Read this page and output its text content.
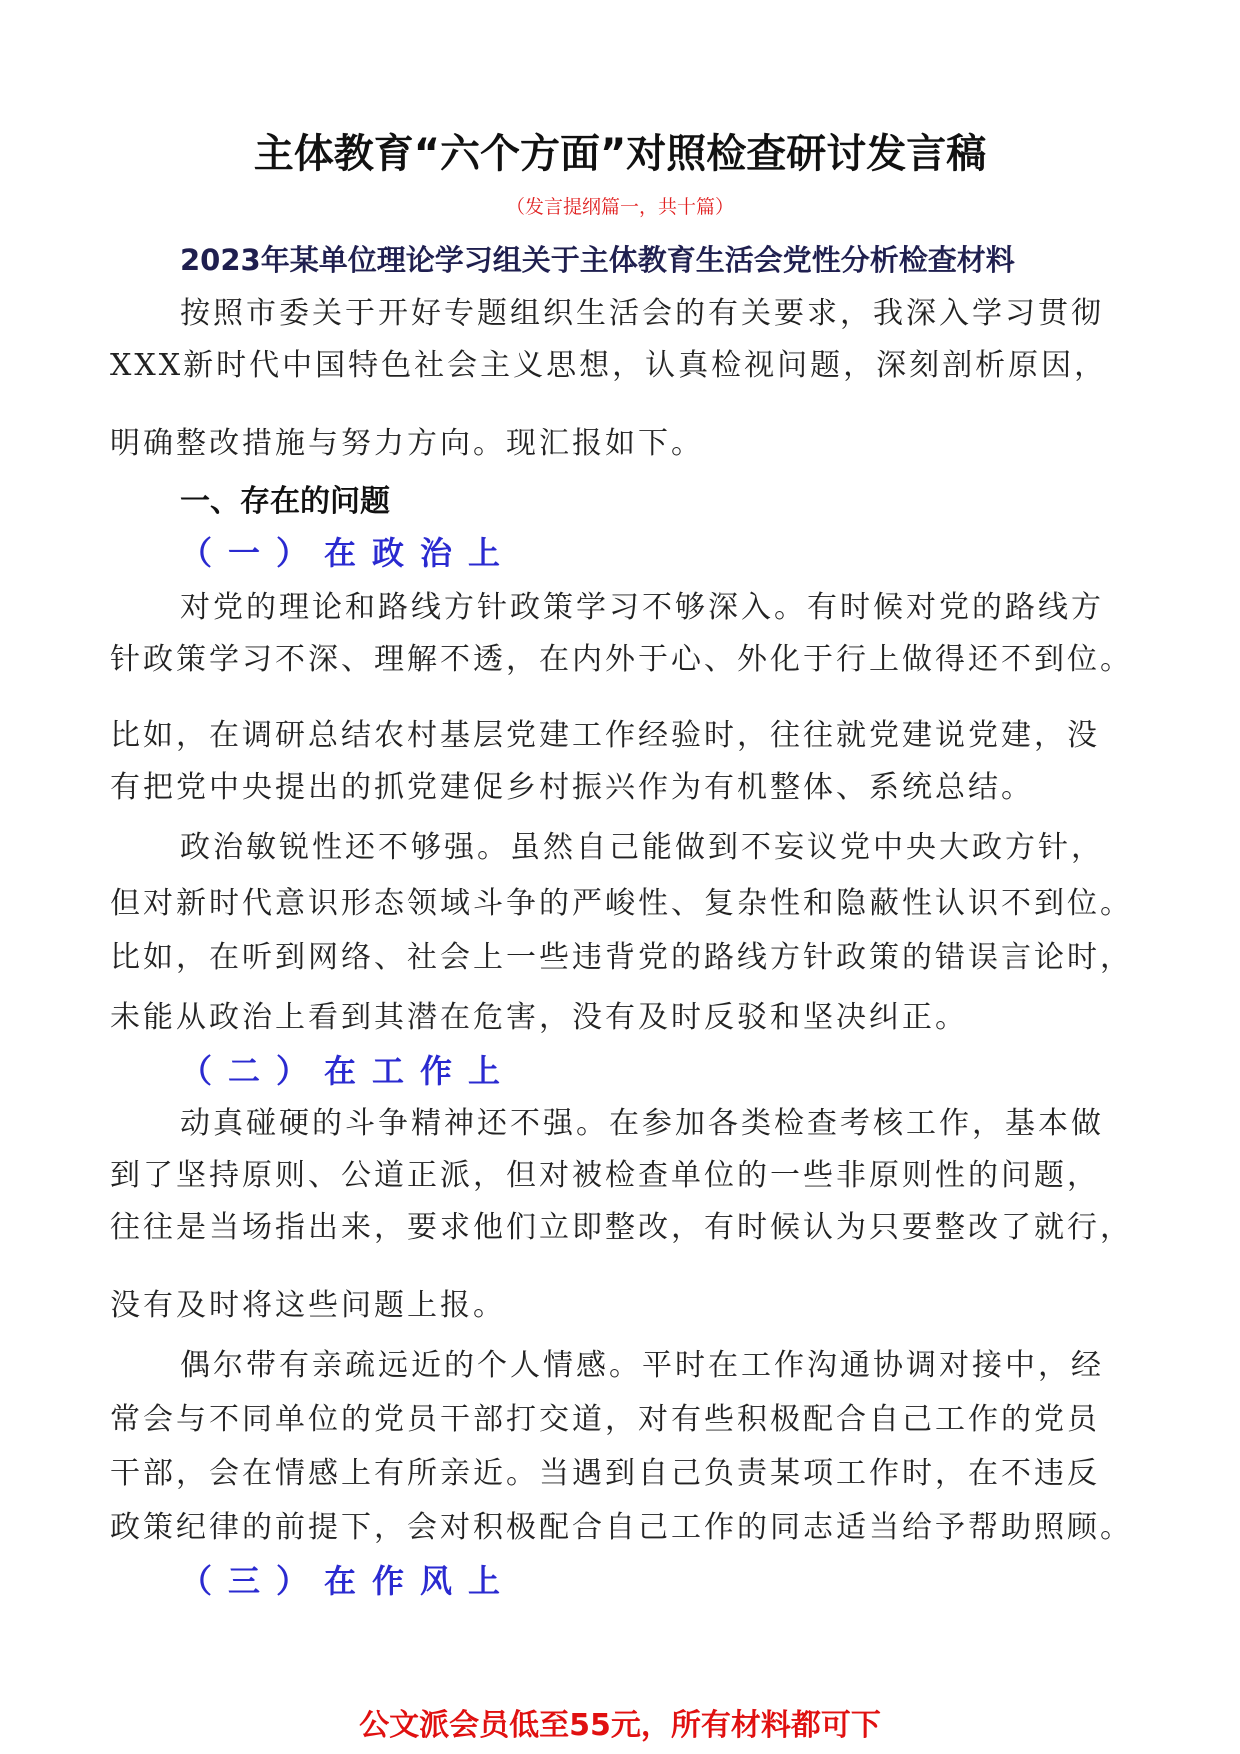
主体教育“六个方面”对照检查研讨发言稿
（发言提纲篇一，共十篇）
2023年某单位理论学习组关于主体教育生活会党性分析检查材料
按照市委关于开好专题组织生活会的有关要求，我深入学习贯彻
XXX新时代中国特色社会主义思想，认真检视问题，深刻剖析原因，
明确整改措施与努力方向。现汇报如下。
一、存在的问题
（一）在政治上
对党的理论和路线方针政策学习不够深入。有时候对党的路线方
针政策学习不深、理解不透，在内外于心、外化于行上做得还不到位。
比如，在调研总结农村基层党建工作经验时，往往就党建说党建，没
有把党中央提出的抓党建促乡村振兴作为有机整体、系统总结。
政治敏锐性还不够强。虽然自己能做到不妄议党中央大政方针，
但对新时代意识形态领域斗争的严峻性、复杂性和隐蔽性认识不到位。
比如，在听到网络、社会上一些违背党的路线方针政策的错误言论时，
未能从政治上看到其潜在危害，没有及时反驳和坚决纠正。
（二）在工作上
动真碰硬的斗争精神还不强。在参加各类检查考核工作，基本做
到了坚持原则、公道正派，但对被检查单位的一些非原则性的问题，
往往是当场指出来，要求他们立即整改，有时候认为只要整改了就行，
没有及时将这些问题上报。
偶尔带有亲疏远近的个人情感。平时在工作沟通协调对接中，经
常会与不同单位的党员干部打交道，对有些积极配合自己工作的党员
干部，会在情感上有所亲近。当遇到自己负责某项工作时，在不违反
政策纪律的前提下，会对积极配合自己工作的同志适当给予帮助照顾。
（三）在作风上
公文派会员低至55元，所有材料都可下
